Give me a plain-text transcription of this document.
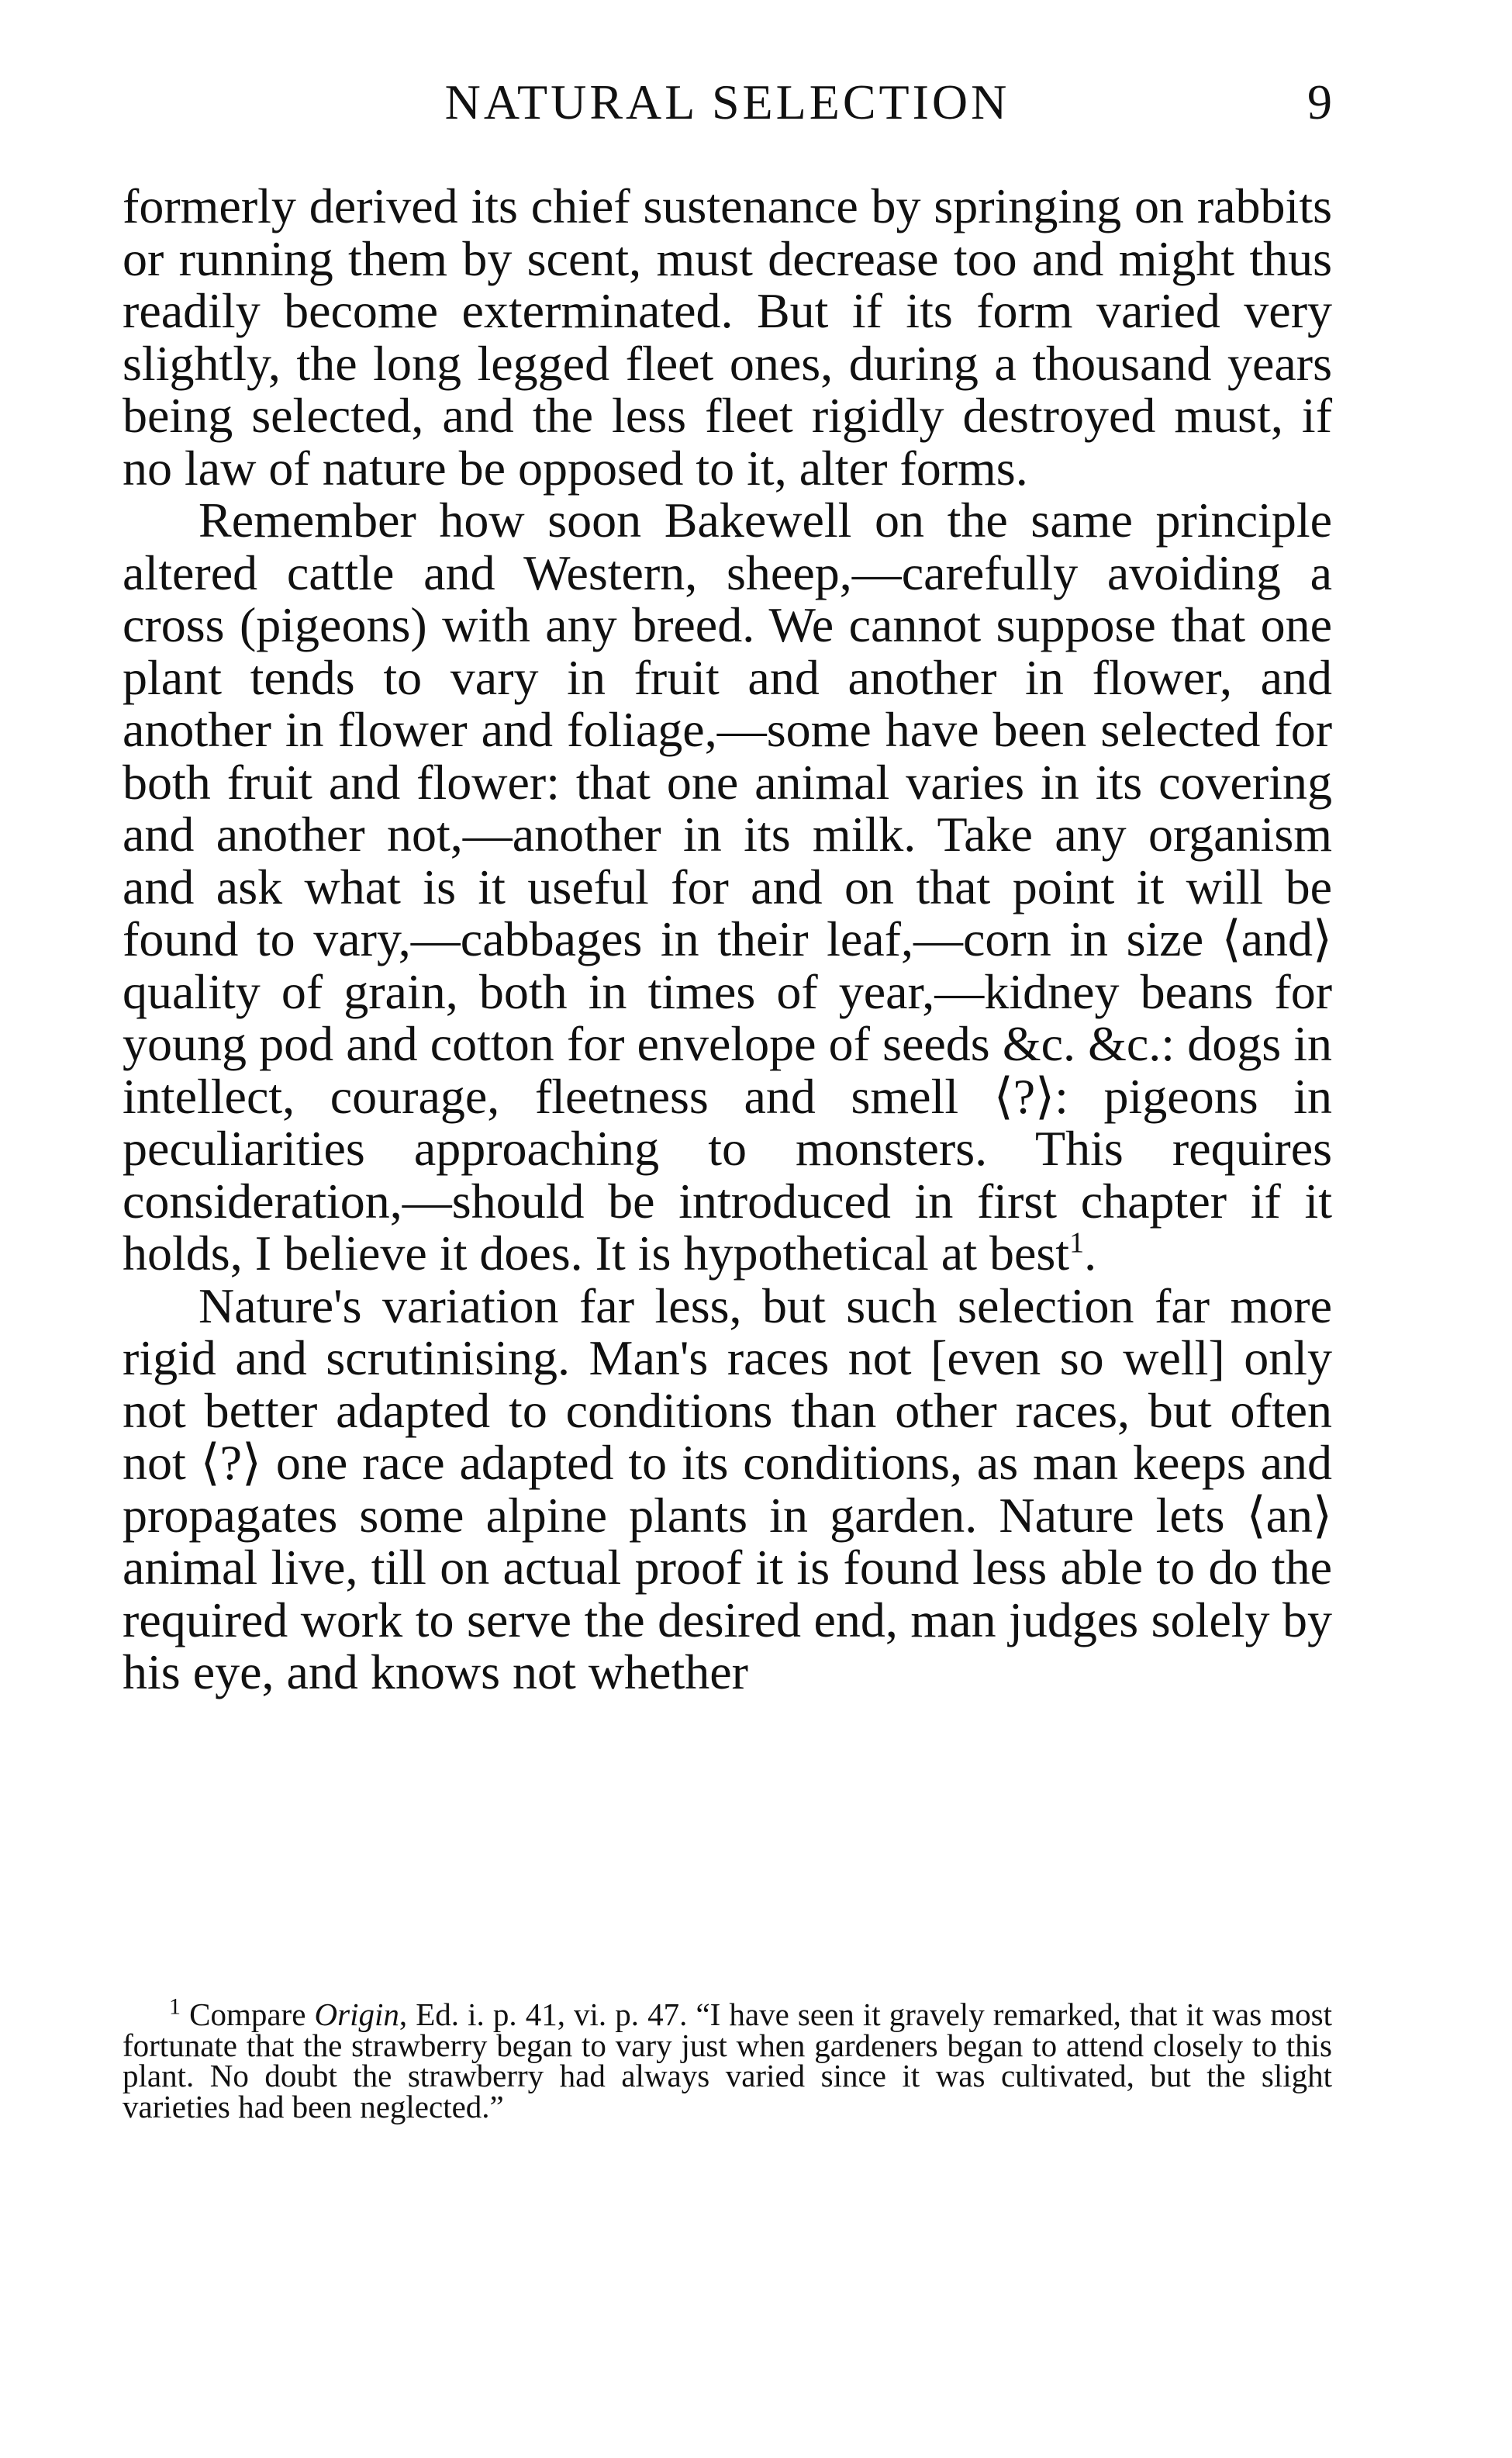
NATURAL SELECTION	9

formerly derived its chief sustenance by springing on rabbits or running them by scent, must decrease too and might thus readily become exterminated. But if its form varied very slightly, the long legged fleet ones, during a thousand years being selected, and the less fleet rigidly destroyed must, if no law of nature be opposed to it, alter forms.

Remember how soon Bakewell on the same principle altered cattle and Western, sheep,—carefully avoiding a cross (pigeons) with any breed. We cannot suppose that one plant tends to vary in fruit and another in flower, and another in flower and foliage,—some have been selected for both fruit and flower: that one animal varies in its covering and another not,—another in its milk. Take any organism and ask what is it useful for and on that point it will be found to vary,—cabbages in their leaf,—corn in size ⟨and⟩ quality of grain, both in times of year,—kidney beans for young pod and cotton for envelope of seeds &c. &c.: dogs in intellect, courage, fleetness and smell ⟨?⟩: pigeons in peculiarities approaching to monsters. This requires consideration,—should be introduced in first chapter if it holds, I believe it does. It is hypothetical at best$^1$.

Nature's variation far less, but such selection far more rigid and scrutinising. Man's races not [even so well] only not better adapted to conditions than other races, but often not ⟨?⟩ one race adapted to its conditions, as man keeps and propagates some alpine plants in garden. Nature lets ⟨an⟩ animal live, till on actual proof it is found less able to do the required work to serve the desired end, man judges solely by his eye, and knows not whether

$^1$ Compare Origin, Ed. i. p. 41, vi. p. 47. “I have seen it gravely remarked, that it was most fortunate that the strawberry began to vary just when gardeners began to attend closely to this plant. No doubt the strawberry had always varied since it was cultivated, but the slight varieties had been neglected.”
